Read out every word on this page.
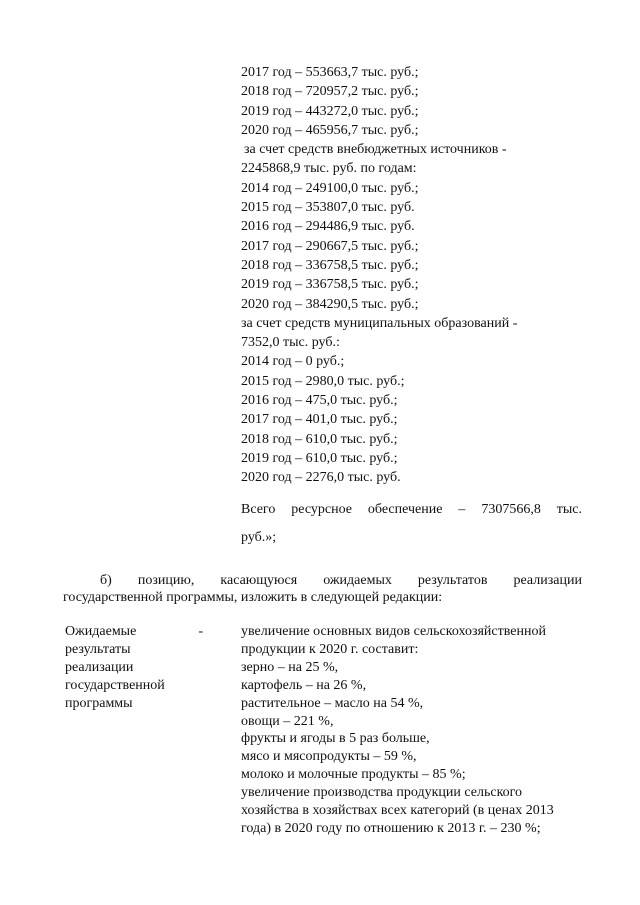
2017 год – 553663,7 тыс. руб.;
2018 год – 720957,2 тыс. руб.;
2019 год – 443272,0 тыс. руб.;
2020 год – 465956,7 тыс. руб.;
за счет средств внебюджетных источников -
2245868,9 тыс. руб. по годам:
2014 год – 249100,0 тыс. руб.;
2015 год – 353807,0 тыс. руб.
2016 год – 294486,9 тыс. руб.
2017 год – 290667,5 тыс. руб.;
2018 год – 336758,5 тыс. руб.;
2019 год – 336758,5 тыс. руб.;
2020 год – 384290,5 тыс. руб.;
за счет средств муниципальных образований -
7352,0 тыс. руб.:
2014 год – 0 руб.;
2015 год – 2980,0 тыс. руб.;
2016 год – 475,0 тыс. руб.;
2017 год – 401,0 тыс. руб.;
2018 год – 610,0 тыс. руб.;
2019 год – 610,0 тыс. руб.;
2020 год – 2276,0 тыс. руб.
Всего ресурсное обеспечение – 7307566,8 тыс.
руб.»;
б) позицию, касающуюся ожидаемых результатов реализации
государственной программы, изложить в следующей редакции:
Ожидаемые	-
результаты
реализации
государственной
программы
увеличение основных видов сельскохозяйственной
продукции к 2020 г. составит:
зерно – на 25 %,
картофель – на 26 %,
растительное – масло на 54 %,
овощи – 221 %,
фрукты и ягоды в 5 раз больше,
мясо и мясопродукты – 59 %,
молоко и молочные продукты – 85 %;
увеличение производства продукции сельского
хозяйства в хозяйствах всех категорий (в ценах 2013
года) в 2020 году по отношению к 2013 г. – 230 %;
